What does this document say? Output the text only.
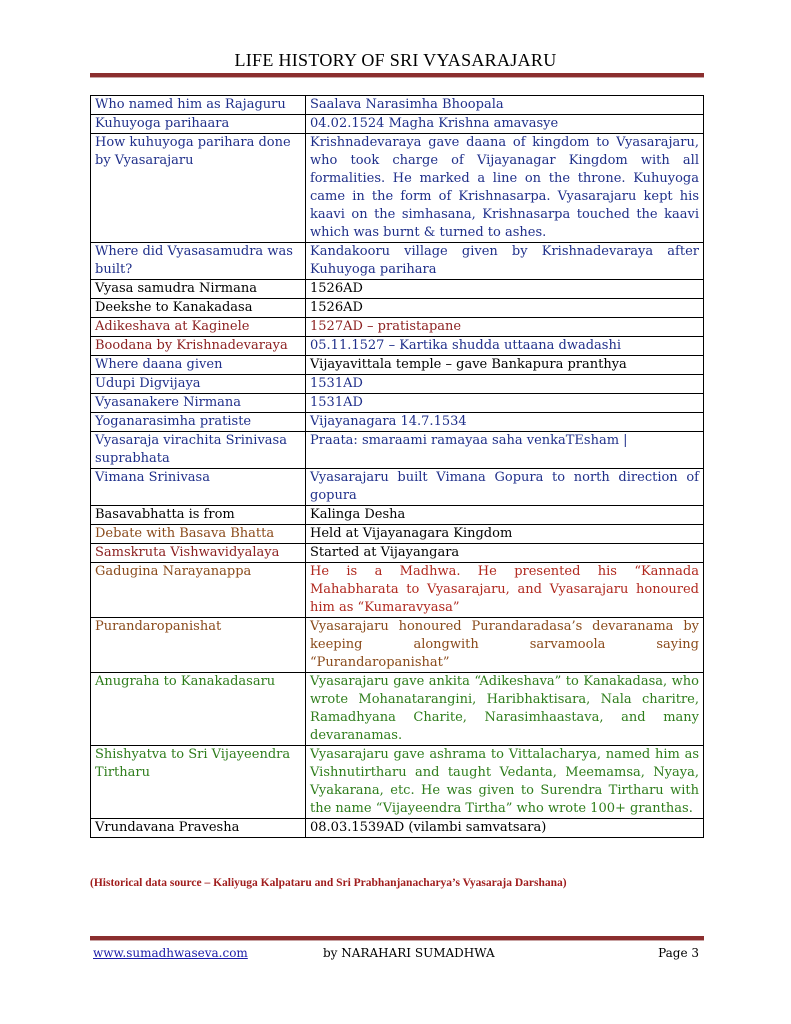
LIFE HISTORY OF SRI VYASARAJARU
Who named him as Rajaguru	Saalava Narasimha Bhoopala
Kuhuyoga parihaara	04.02.1524 Magha Krishna amavasye
How kuhuyoga parihara done by Vyasarajaru	Krishnadevaraya gave daana of kingdom to Vyasarajaru, who took charge of Vijayanagar Kingdom with all formalities. He marked a line on the throne. Kuhuyoga came in the form of Krishnasarpa. Vyasarajaru kept his kaavi on the simhasana, Krishnasarpa touched the kaavi which was burnt & turned to ashes.
Where did Vyasasamudra was built?	Kandakooru village given by Krishnadevaraya after Kuhuyoga parihara
Vyasa samudra Nirmana	1526AD
Deekshe to Kanakadasa	1526AD
Adikeshava at Kaginele	1527AD – pratistapane
Boodana by Krishnadevaraya	05.11.1527 – Kartika shudda uttaana dwadashi
Where daana given	Vijayavittala temple – gave Bankapura pranthya
Udupi Digvijaya	1531AD
Vyasanakere Nirmana	1531AD
Yoganarasimha pratiste	Vijayanagara 14.7.1534
Vyasaraja virachita Srinivasa suprabhata	Praata: smaraami ramayaa saha venkaTEsham |
Vimana Srinivasa	Vyasarajaru built Vimana Gopura to north direction of gopura
Basavabhatta is from	Kalinga Desha
Debate with Basava Bhatta	Held at Vijayanagara Kingdom
Samskruta Vishwavidyalaya	Started at Vijayangara
Gadugina Narayanappa	He is a Madhwa. He presented his “Kannada Mahabharata to Vyasarajaru, and Vyasarajaru honoured him as “Kumaravyasa”
Purandaropanishat	Vyasarajaru honoured Purandaradasa’s devaranama by keeping alongwith sarvamoola saying “Purandaropanishat”
Anugraha to Kanakadasaru	Vyasarajaru gave ankita “Adikeshava” to Kanakadasa, who wrote Mohanatarangini, Haribhaktisara, Nala charitre, Ramadhyana Charite, Narasimhaastava, and many devaranamas.
Shishyatva to Sri Vijayeendra Tirtharu	Vyasarajaru gave ashrama to Vittalacharya, named him as Vishnutirtharu and taught Vedanta, Meemamsa, Nyaya, Vyakarana, etc. He was given to Surendra Tirtharu with the name “Vijayeendra Tirtha” who wrote 100+ granthas.
Vrundavana Pravesha	08.03.1539AD (vilambi samvatsara)
(Historical data source – Kaliyuga Kalpataru and Sri Prabhanjanacharya’s Vyasaraja Darshana)
www.sumadhwaseva.com	by NARAHARI SUMADHWA	Page 3
